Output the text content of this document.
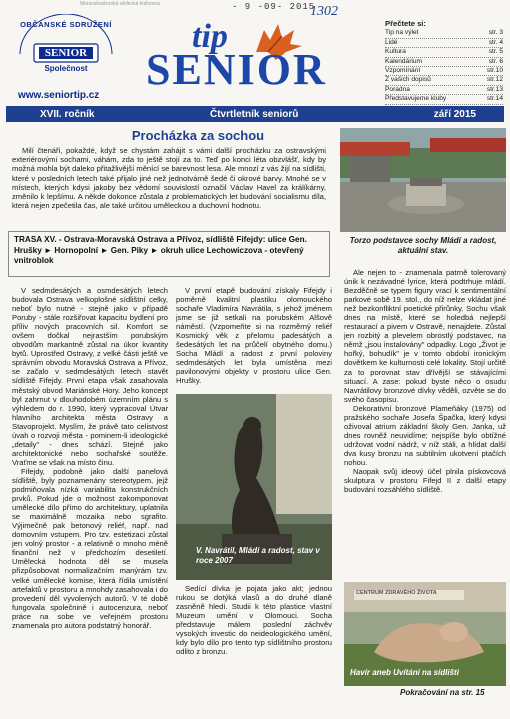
Moravskoslezská vědecká knihovna	- 9 -09- 2015
1302
OBČANSKÉ SDRUŽENÍ
SENIOR
Společnost
www.seniortip.cz
tip
SENIOR
Přečtete si:
Tip na výlet	str. 3
Lidé	str. 4
Kultura	str. 5
Kalendárium	str. 6
Vzpomínání	str.10
Z vašich dopisů	str.12
Poradna	str.13
Představujeme kluby	str.14
XVII. ročník	Čtvrtletník seniorů	září 2015
Procházka za sochou
Milí čtenáři, pokaždé, když se chystám zahájit s vámi další procházku za ostravskými exteriérovými sochami, váhám, zda to ještě stojí za to. Teď po konci léta obzvlášť, kdy by možná mohla být daleko přitažlivější měnící se barevnost lesa. Ale mnozí z vás žijí na sídlišti, které v posledních letech také přijalo jiné než jednotvárně šedé či okrové barvy. Mnohé se v místech, kterých kdysi jakoby bez vědomí souvislostí označil Václav Havel za králíkárny, změnilo k lepšímu. A někde dokonce zůstala z problematických let budování socialismu díla, která nejen zpečetila čas, ale také určitou uměleckou a duchovní hodnotu.
TRASA XV. - Ostrava-Moravská Ostrava a Přívoz, sídliště Fifejdy: ulice Gen. Hrušky ► Hornopolní ► Gen. Piky ► okruh ulice Lechowiczova - otevřený vnitroblok
Torzo podstavce sochy Mládí a radost, aktuální stav.

V sedmdesátých a osmdesátých letech budovala Ostrava velkoplošné sídlištní celky, neboť bylo nutné - stejně jako v případě Poruby - stále rozšiřovat kapacitu bydlení pro příliv nových pracovních sil. Komfort se ovšem dočkal nejrastším porubským obvodům markantně zůstal na úkor kvantity bytů. Uprostřed Ostravy, z velké části ještě ve správním obvodu Moravská Ostrava a Přívoz, se začalo v sedmdesátých letech stavět sídliště Fifejdy. První etapa však zasahovala městský obvod Mariánské Hory. Jeho koncept byl zahrnut v dlouhodobém územním plánu s výhledem do r. 1990, který vypracoval Útvar hlavního architekta města Ostravy a Stavoprojekt. Myslím, že právě tato celistvost úvah o rozvoji města - pominem-li ideologické „detaily" - dnes schází. Stejně jako architektonické nebo sochařské soutěže. Vraťme se však na místo činu.

Fifejdy, podobně jako další panelová sídliště, byly poznamenány stereotypem, jejž podmiňovala nízká variabilita konstrukčních prvků. Pokud jde o možnost zakomponovat umělecké dílo přímo do architektury, uplatnila se maximálně mozaika nebo sgrafito. Výjimečně pak betonový reliéf, např. nad domovním vstupem. Pro tzv. estetizaci zůstal jen volný prostor - a relativně o mnoho méně finanční než v předchozím desetiletí. Umělecká hodnota děl se musela přizpůsobovat normalizačním manýrám tzv. velké umělecké komise, která řídila umístění artefaktů v prostoru a mnohdy zasahovala i do provedení děl vyvolených autorů. V té době fungovala společnině i autocenzura, neboť práce na sobe ve veřejném prostoru znamenala pro autora podstatný honorář.

V první etapě budování získaly Fifejdy i poměrně kvalitní plastiku olomouckého sochaře Vladimíra Navrátila, s jehož jménem jsme se již setkali na porubském Alšově náměstí. (Vzpomeňte si na rozměrný reliéf Kosmický věk z přelomu padesátých a šedesátých let na průčelí obytného domu.) Socha Mládí a radost z první poloviny sedmdesátých let byla umístěna mezi pavilonovými objekty v prostoru ulice Gen. Hrušky.

V. Navrátil, Mládí a radost, stav v roce 2007

Sedící dívka je pojata jako akt; jednou rukou se dotýká vlasů a do druhé dlaně zasněně hledí. Studii k této plastice vlastní Muzeum umění v Olomouci. Socha představuje málem poslední záchvěv vysokých investic do neideologického umění, kdy bylo dílo pro tento typ sídlištního prostoru odlito z bronzu.

Ale nejen to - znamenala patrně tolerovaný únik k nezávadné lyrice, která podtrhuje mládí. Bezděčně se typem figury vrací k sentimentální parkové sobě 19. stol., do níž nelze vkládat jiné než bezkonfliktní poetické přirůnky. Sochu však dnes na místě, které se holedbá nejlepší restaurací a pivem v Ostravě, nenajdete. Zůstal jen rozbitý a plevelem obrostlý podstavec, na němž „jsou instalovány" odpadky. Logo „Život je hořký, bohudík" je v tomto období ironickým dovětkem ke kulturnosti celé lokality. Stojí určitě za to porovnat stav dřívější se stávajícími situací. A zase: pokud byste něco o osudu Navrátilovy bronzové dívky věděli, ozvěte se do svého časopisu.

Dekorativní bronzové Plameňáky (1975) od pražského sochaře Josefa Špačka, který kdysi oživoval atrium základní školy Gen. Janka, už dnes rovněž neuvidíme; nejspíše bylo obtížné udržovat vodní nádrž, v níž stáli, a hlídat další dva kusy bronzu na subtilním ukotvení ptačích nohou.

Naopak svůj ideový účel plnila pískovcová skulptura v prostoru Fifejd II z další etapy budování rozsáhlého sídliště.

CENTRUM ZDRAVÉHO ŽIVOTA
Havír aneb Uvítání na sídlišti
Pokračování na str. 15
